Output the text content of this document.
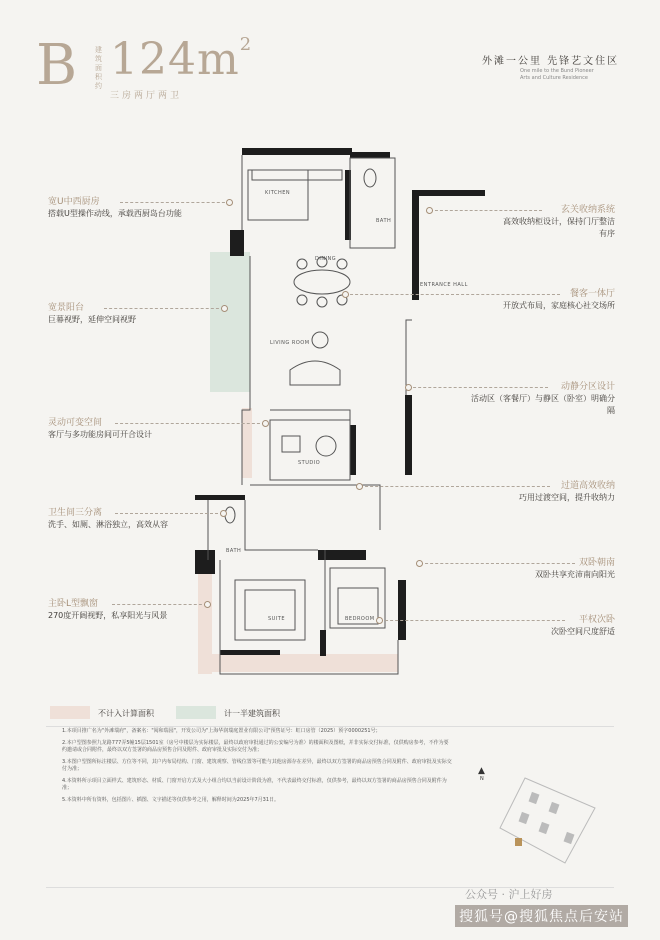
B	建筑面积约
$124m^2$
三房两厅两卫
外滩一公里 先锋艺文住区
One mile to the Bund Pioneer Arts and Culture Residence
KITCHEN
DINING
BATH
ENTRANCE HALL
LIVING ROOM
STUDIO
BATH
SUITE	BEDROOM
宽U中西厨房
搭载U型操作动线，承载西厨岛台功能
宽景阳台
巨幕视野，延伸空间视野
灵动可变空间
客厅与多功能房间可开合设计
卫生间三分离
洗手、如厕、淋浴独立，高效从容
主卧L型飘窗
270度开阔视野，私享阳光与风景
玄关收纳系统
高效收纳柜设计，保持门厅整洁有序
餐客一体厅
开放式布局，家庭核心社交场所
动静分区设计
活动区（客餐厅）与静区（卧室）明确分隔
过道高效收纳
巧用过渡空间，提升收纳力
双卧朝南
双卧共享充沛南向阳光
平权次卧
次卧空间尺度舒适
不计入计算面积	计一半建筑面积

1.本项目推广名为"外滩瑞府"，备案名："阅和瑞园"，开发公司为"上海华润瑞庭置业有限公司"预售证号：虹口房管（2025）预字0000251号；

2.本户型图参照九龙路777弄5幢15层1501室（房号中楼层为实际楼层，最终以政府审批通过的公安编号为准）的楼面积及图纸，并非实际交付标准，仅供购房参考，不作为要约邀请或合同附件，最终以双方签署的商品房预售合同及附件、政府审批及实际交付为准；

3.本图户型图所标注楼层、方位等不同，其户内布局结构、门窗、建筑观察、管线位置等可能与其他房源存在差异，最终以双方签署的商品房预售合同及附件、政府审批及实际交付为准；

4.本资料所示项目立面样式、建筑形态、材质、门窗开启方式及大小组合均以当前设计阶段为准，不代表最终交付标准，仅供参考，最终以双方签署的商品房预售合同及附件为准；

5.本资料中所有资料，包括图片、插图、文字描述等仅供参考之用，解释时间为2025年7月31日。

▲
N
公众号 · 沪上好房
搜狐号@搜狐焦点后安站
